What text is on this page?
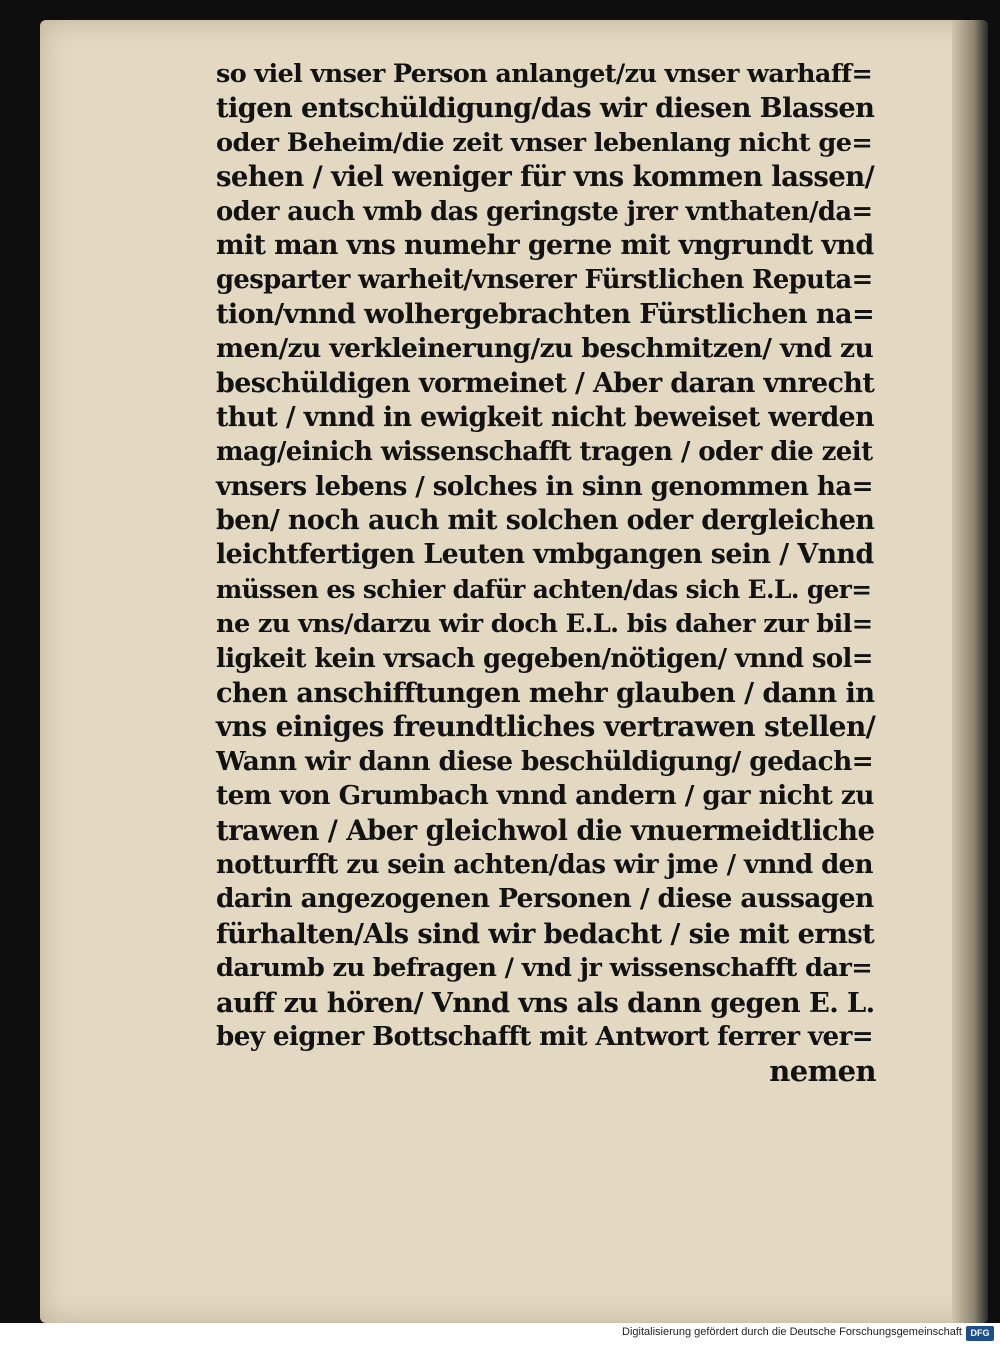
so viel vnser Person anlanget/zu vnser warhaff=
tigen entschüldigung/das wir diesen Blassen
oder Beheim/die zeit vnser lebenlang nicht ge=
sehen / viel weniger für vns kommen lassen/
oder auch vmb das geringste jrer vnthaten/da=
mit man vns numehr gerne mit vngrundt vnd
gesparter warheit/vnserer Fürstlichen Reputa=
tion/vnnd wolhergebrachten Fürstlichen na=
men/zu verkleinerung/zu beschmitzen/ vnd zu
beschüldigen vormeinet / Aber daran vnrecht
thut / vnnd in ewigkeit nicht beweiset werden
mag/einich wissenschafft tragen / oder die zeit
vnsers lebens / solches in sinn genommen ha=
ben/ noch auch mit solchen oder dergleichen
leichtfertigen Leuten vmbgangen sein / Vnnd
müssen es schier dafür achten/das sich E.L. ger=
ne zu vns/darzu wir doch E.L. bis daher zur bil=
ligkeit kein vrsach gegeben/nötigen/ vnnd sol=
chen anschifftungen mehr glauben / dann in
vns einiges freundtliches vertrawen stellen/
Wann wir dann diese beschüldigung/ gedach=
tem von Grumbach vnnd andern / gar nicht zu
trawen / Aber gleichwol die vnuermeidtliche
notturfft zu sein achten/das wir jme / vnnd den
darin angezogenen Personen / diese aussagen
fürhalten/Als sind wir bedacht / sie mit ernst
darumb zu befragen / vnd jr wissenschafft dar=
auff zu hören/ Vnnd vns als dann gegen E. L.
bey eigner Bottschafft mit Antwort ferrer ver=
nemen
Digitalisierung gefördert durch die Deutsche Forschungsgemeinschaft DFG
